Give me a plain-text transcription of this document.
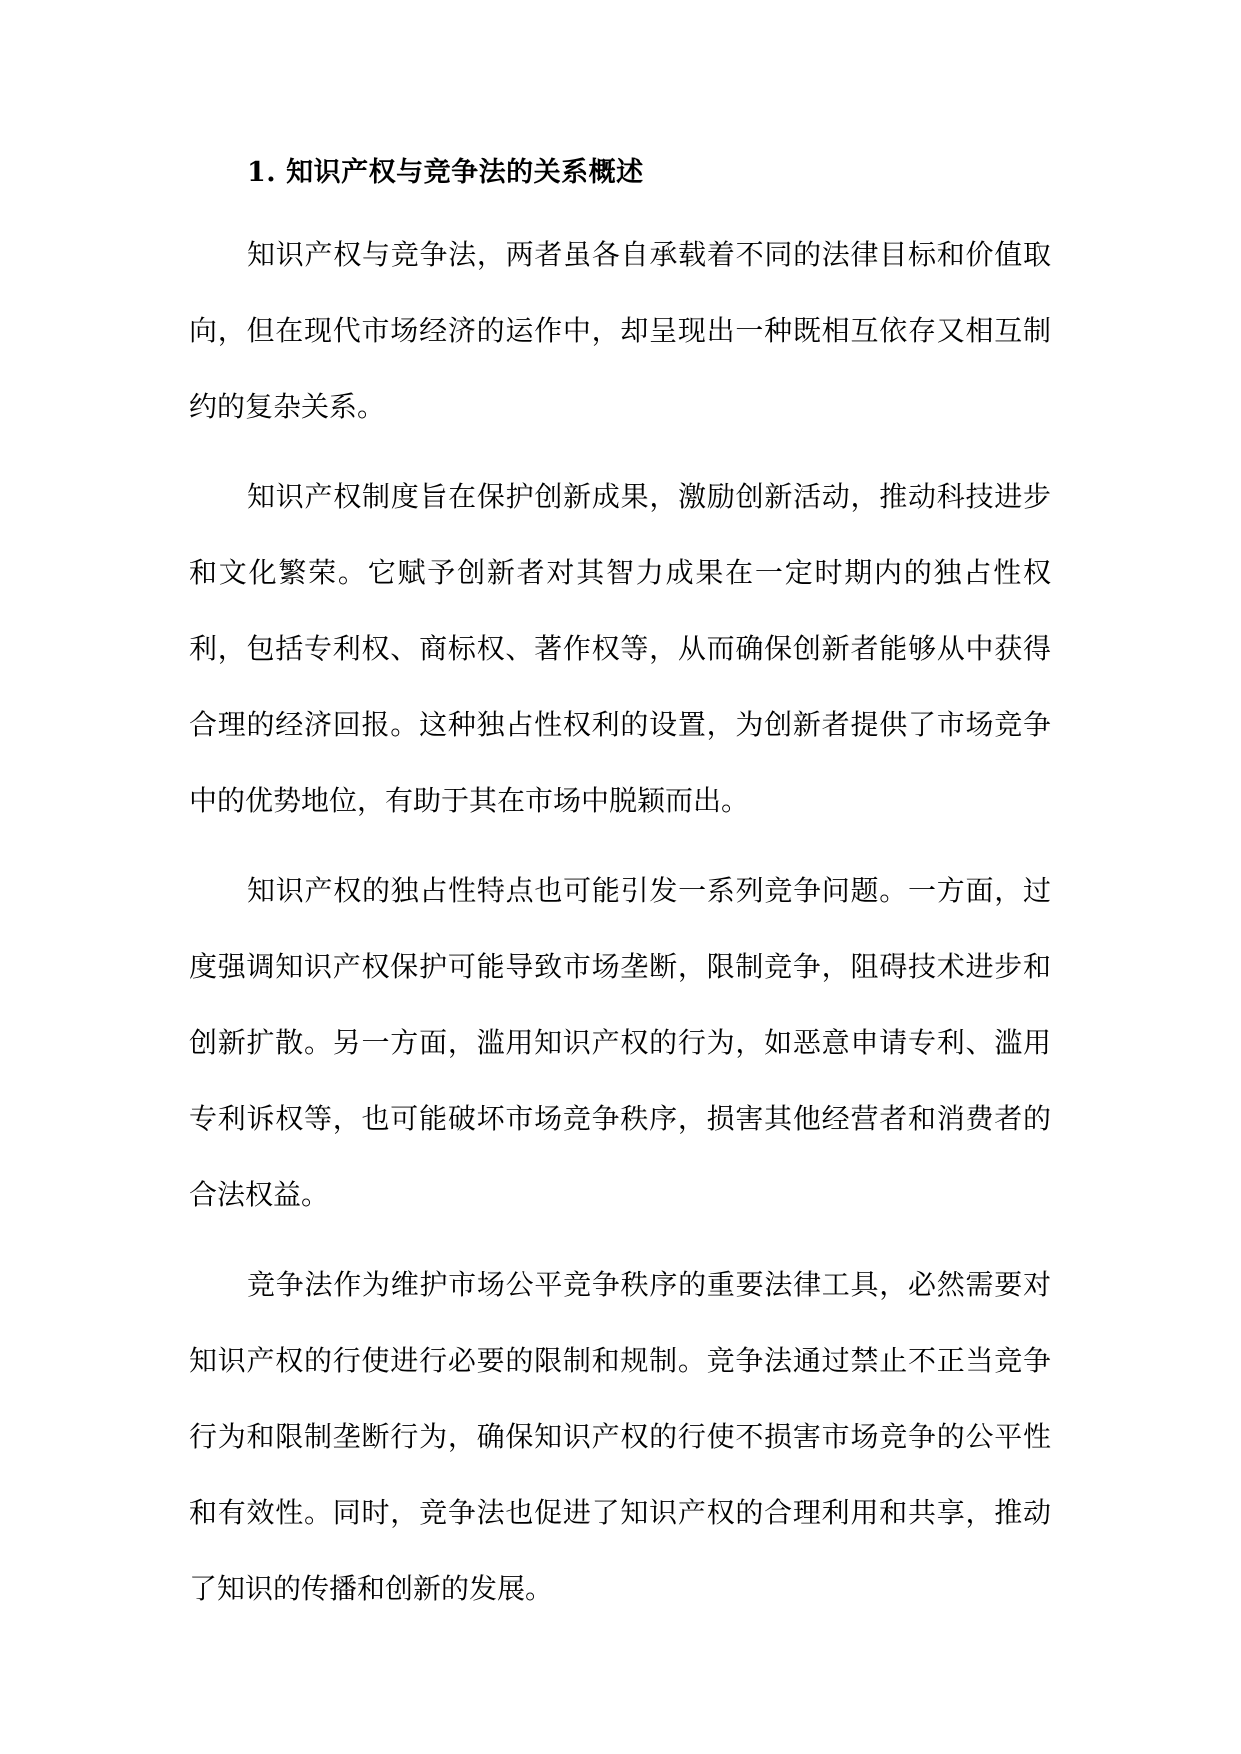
1. 知识产权与竞争法的关系概述

知识产权与竞争法，两者虽各自承载着不同的法律目标和价值取向，但在现代市场经济的运作中，却呈现出一种既相互依存又相互制约的复杂关系。

知识产权制度旨在保护创新成果，激励创新活动，推动科技进步和文化繁荣。它赋予创新者对其智力成果在一定时期内的独占性权利，包括专利权、商标权、著作权等，从而确保创新者能够从中获得合理的经济回报。这种独占性权利的设置，为创新者提供了市场竞争中的优势地位，有助于其在市场中脱颖而出。

知识产权的独占性特点也可能引发一系列竞争问题。一方面，过度强调知识产权保护可能导致市场垄断，限制竞争，阻碍技术进步和创新扩散。另一方面，滥用知识产权的行为，如恶意申请专利、滥用专利诉权等，也可能破坏市场竞争秩序，损害其他经营者和消费者的合法权益。

竞争法作为维护市场公平竞争秩序的重要法律工具，必然需要对知识产权的行使进行必要的限制和规制。竞争法通过禁止不正当竞争行为和限制垄断行为，确保知识产权的行使不损害市场竞争的公平性和有效性。同时，竞争法也促进了知识产权的合理利用和共享，推动了知识的传播和创新的发展。
